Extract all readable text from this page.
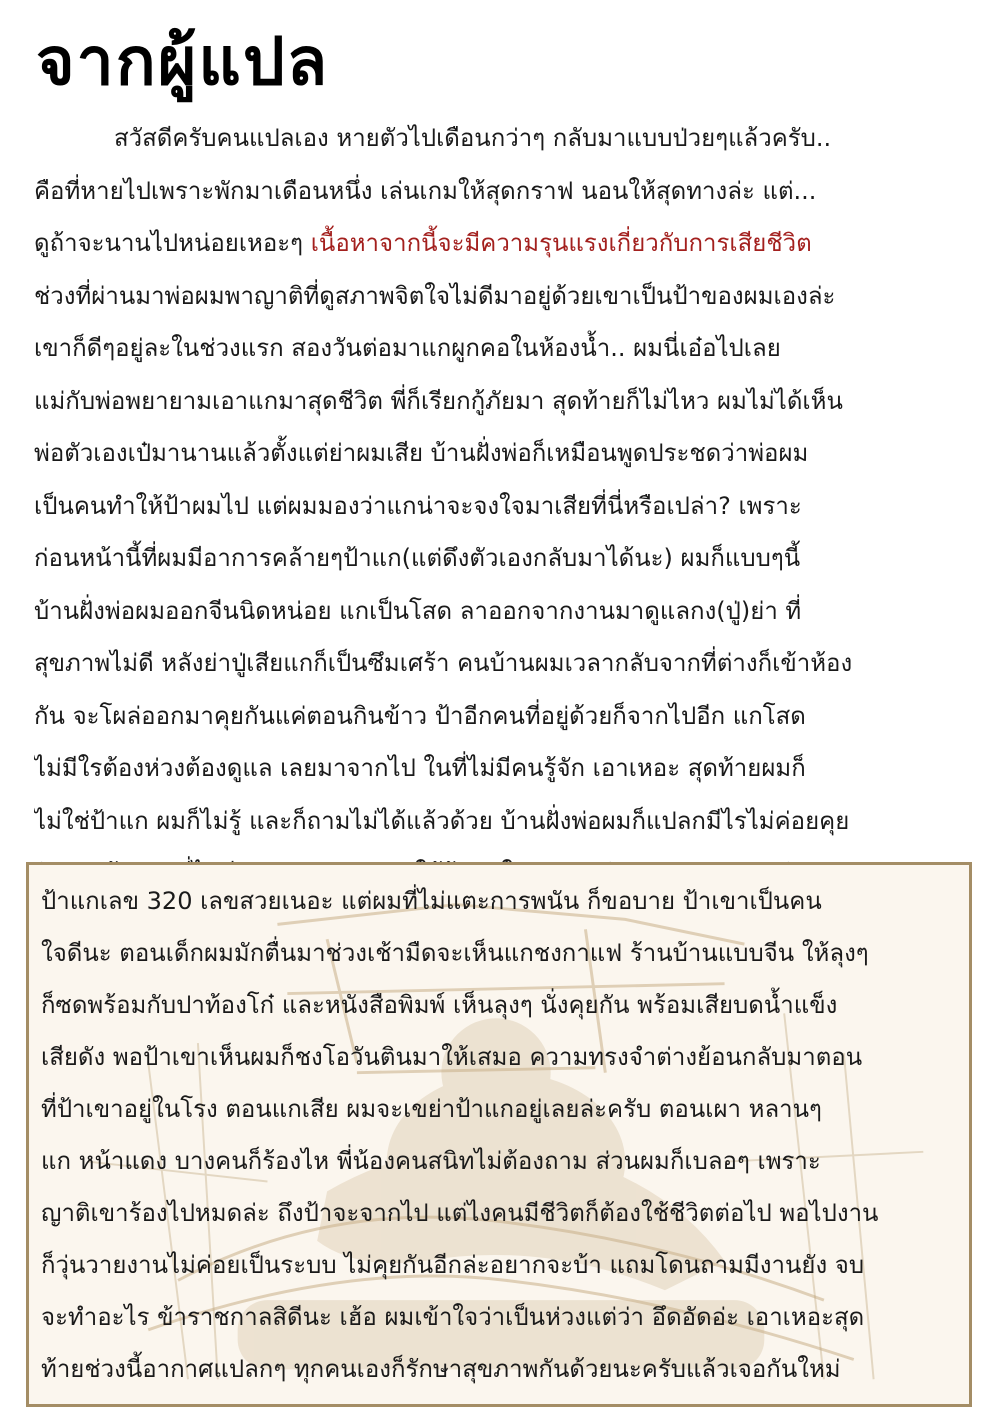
จากผู้แปล
สวัสดีครับคนแปลเอง หายตัวไปเดือนกว่าๆ กลับมาแบบป่วยๆแล้วครับ..
คือที่หายไปเพราะพักมาเดือนหนึ่ง เล่นเกมให้สุดกราฟ นอนให้สุดทางล่ะ แต่...
ดูถ้าจะนานไปหน่อยเหอะๆ เนื้อหาจากนี้จะมีความรุนแรงเกี่ยวกับการเสียชีวิต
ช่วงที่ผ่านมาพ่อผมพาญาติที่ดูสภาพจิตใจไม่ดีมาอยู่ด้วยเขาเป็นป้าของผมเองล่ะ
เขาก็ดีๆอยู่ละในช่วงแรก สองวันต่อมาแกผูกคอในห้องน้ำ.. ผมนี่เอ๋อไปเลย
แม่กับพ่อพยายามเอาแกมาสุดชีวิต พี่ก็เรียกกู้ภัยมา สุดท้ายก็ไม่ไหว ผมไม่ได้เห็น
พ่อตัวเองเป๋มานานแล้วตั้งแต่ย่าผมเสีย บ้านฝั่งพ่อก็เหมือนพูดประชดว่าพ่อผม
เป็นคนทำให้ป้าผมไป แต่ผมมองว่าแกน่าจะจงใจมาเสียที่นี่หรือเปล่า? เพราะ
ก่อนหน้านี้ที่ผมมีอาการคล้ายๆป้าแก(แต่ดึงตัวเองกลับมาได้นะ) ผมก็แบบๆนี้
บ้านฝั่งพ่อผมออกจีนนิดหน่อย แกเป็นโสด ลาออกจากงานมาดูแลกง(ปู่)ย่า ที่
สุขภาพไม่ดี หลังย่าปู่เสียแกก็เป็นซึมเศร้า คนบ้านผมเวลากลับจากที่ต่างก็เข้าห้อง
กัน จะโผล่ออกมาคุยกันแค่ตอนกินข้าว ป้าอีกคนที่อยู่ด้วยก็จากไปอีก แกโสด
ไม่มีใรต้องห่วงต้องดูแล เลยมาจากไป ในที่ไม่มีคนรู้จัก เอาเหอะ สุดท้ายผมก็
ไม่ใช่ป้าแก ผมก็ไม่รู้ และก็ถามไม่ได้แล้วด้วย บ้านฝั่งพ่อผมก็แปลกมีไรไม่ค่อยคุย
ป้าแกเลข 320 เลขสวยเนอะ แต่ผมที่ไม่แตะการพนัน ก็ขอบาย ป้าเขาเป็นคน
ใจดีนะ ตอนเด็กผมมักตื่นมาช่วงเช้ามืดจะเห็นแกชงกาแฟ ร้านบ้านแบบจีน ให้ลุงๆ
ก็ซดพร้อมกับปาท้องโก๋ และหนังสือพิมพ์ เห็นลุงๆ นั่งคุยกัน พร้อมเสียบดน้ำแข็ง
เสียดัง พอป้าเขาเห็นผมก็ชงโอวันตินมาให้เสมอ ความทรงจำต่างย้อนกลับมาตอน
ที่ป้าเขาอยู่ในโรง ตอนแกเสีย ผมจะเขย่าป้าแกอยู่เลยล่ะครับ ตอนเผา หลานๆ
แก หน้าแดง บางคนก็ร้องไห พี่น้องคนสนิทไม่ต้องถาม ส่วนผมก็เบลอๆ เพราะ
ญาติเขาร้องไปหมดล่ะ ถึงป้าจะจากไป แต่ไงคนมีชีวิตก็ต้องใช้ชีวิตต่อไป พอไปงาน
ก็วุ่นวายงานไม่ค่อยเป็นระบบ ไม่คุยกันอีกล่ะอยากจะบ้า แถมโดนถามมีงานยัง จบ
จะทำอะไร ข้าราชกาลสิดีนะ เฮ้อ ผมเข้าใจว่าเป็นห่วงแต่ว่า อึดอัดอ่ะ เอาเหอะสุด
ท้ายช่วงนี้อากาศแปลกๆ ทุกคนเองก็รักษาสุขภาพกันด้วยนะครับแล้วเจอกันใหม่
